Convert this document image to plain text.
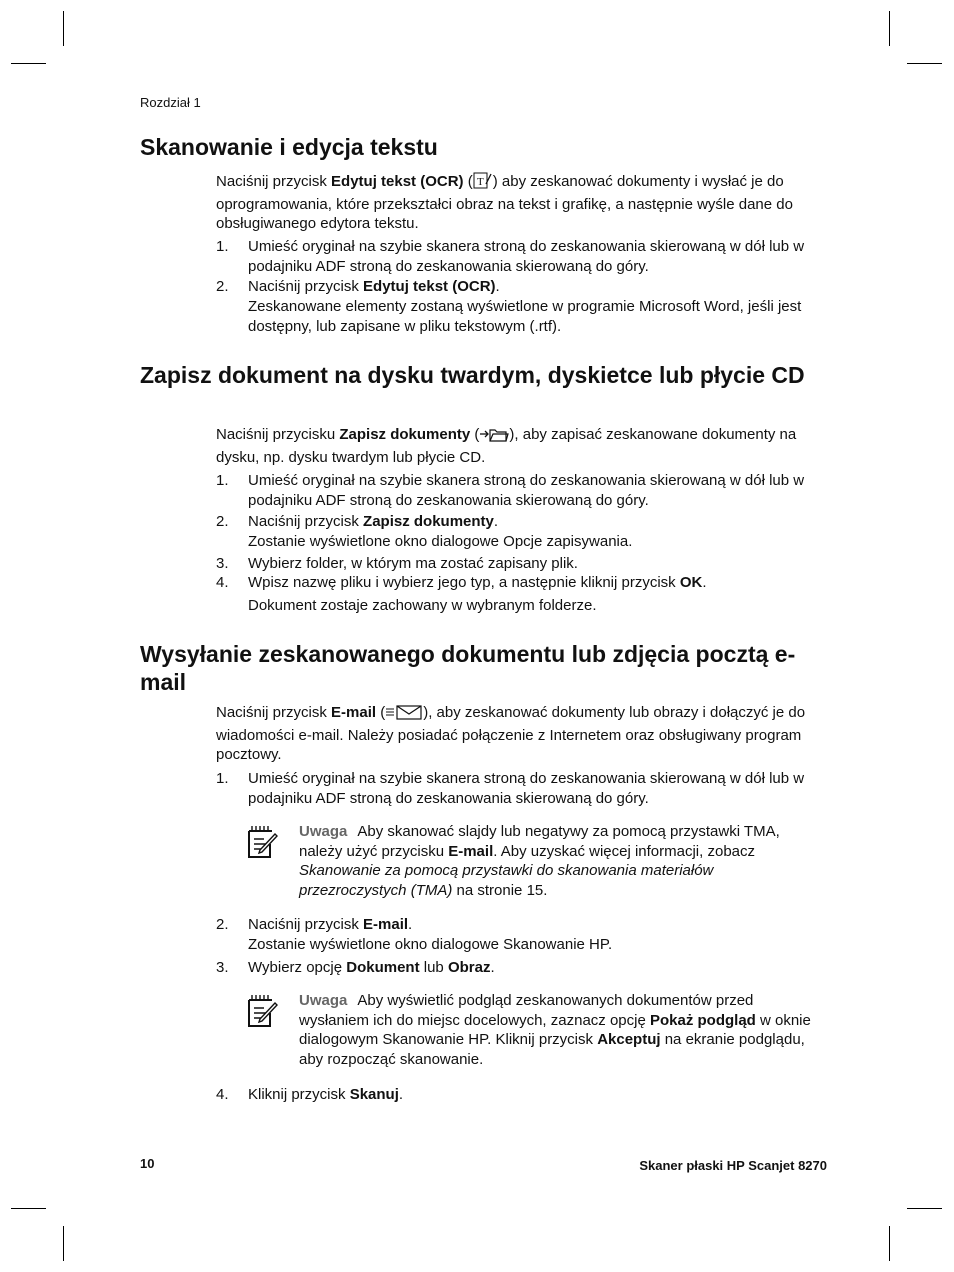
Rozdział 1
Skanowanie i edycja tekstu
Naciśnij przycisk Edytuj tekst (OCR) ( T ) aby zeskanować dokumenty i wysłać je do oprogramowania, które przekształci obraz na tekst i grafikę, a następnie wyśle dane do obsługiwanego edytora tekstu.
1.	Umieść oryginał na szybie skanera stroną do zeskanowania skierowaną w dół lub w podajniku ADF stroną do zeskanowania skierowaną do góry.
2.	Naciśnij przycisk Edytuj tekst (OCR).
Zeskanowane elementy zostaną wyświetlone w programie Microsoft Word, jeśli jest dostępny, lub zapisane w pliku tekstowym (.rtf).
Zapisz dokument na dysku twardym, dyskietce lub płycie CD
Naciśnij przycisku Zapisz dokumenty ( ), aby zapisać zeskanowane dokumenty na dysku, np. dysku twardym lub płycie CD.
1.	Umieść oryginał na szybie skanera stroną do zeskanowania skierowaną w dół lub w podajniku ADF stroną do zeskanowania skierowaną do góry.
2.	Naciśnij przycisk Zapisz dokumenty.
Zostanie wyświetlone okno dialogowe Opcje zapisywania.
3.	Wybierz folder, w którym ma zostać zapisany plik.
4.	Wpisz nazwę pliku i wybierz jego typ, a następnie kliknij przycisk OK.
Dokument zostaje zachowany w wybranym folderze.
Wysyłanie zeskanowanego dokumentu lub zdjęcia pocztą e-mail
Naciśnij przycisk E-mail (	), aby zeskanować dokumenty lub obrazy i dołączyć je do wiadomości e-mail. Należy posiadać połączenie z Internetem oraz obsługiwany program pocztowy.
1.	Umieść oryginał na szybie skanera stroną do zeskanowania skierowaną w dół lub w podajniku ADF stroną do zeskanowania skierowaną do góry.
Uwaga Aby skanować slajdy lub negatywy za pomocą przystawki TMA, należy użyć przycisku E-mail. Aby uzyskać więcej informacji, zobacz Skanowanie za pomocą przystawki do skanowania materiałów przezroczystych (TMA) na stronie 15.
2.	Naciśnij przycisk E-mail.
Zostanie wyświetlone okno dialogowe Skanowanie HP.
3.	Wybierz opcję Dokument lub Obraz.
Uwaga Aby wyświetlić podgląd zeskanowanych dokumentów przed wysłaniem ich do miejsc docelowych, zaznacz opcję Pokaż podgląd w oknie dialogowym Skanowanie HP. Kliknij przycisk Akceptuj na ekranie podglądu, aby rozpocząć skanowanie.
4.	Kliknij przycisk Skanuj.
10	Skaner płaski HP Scanjet 8270
